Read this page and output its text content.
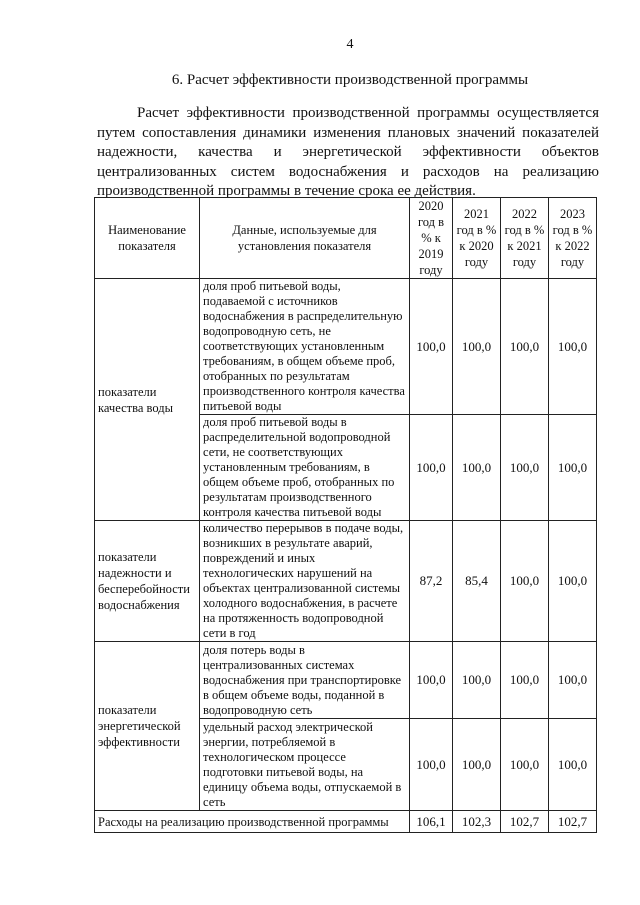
4
6. Расчет эффективности производственной программы

Расчет эффективности производственной программы осуществляется путем сопоставления динамики изменения плановых значений показателей надежности, качества и энергетической эффективности объектов централизованных систем водоснабжения и расходов на реализацию производственной программы в течение срока ее действия.

Наименование показателя	Данные, используемые для установления показателя	2020 год в % к 2019 году	2021 год в % к 2020 году	2022 год в % к 2021 году	2023 год в % к 2022 году
показатели качества воды	доля проб питьевой воды, подаваемой с источников водоснабжения в распределительную водопроводную сеть, не соответствующих установленным требованиям, в общем объеме проб, отобранных по результатам производственного контроля качества питьевой воды	100,0	100,0	100,0	100,0
	доля проб питьевой воды в распределительной водопроводной сети, не соответствующих установленным требованиям, в общем объеме проб, отобранных по результатам производственного контроля качества питьевой воды	100,0	100,0	100,0	100,0
показатели надежности и бесперебойности водоснабжения	количество перерывов в подаче воды, возникших в результате аварий, повреждений и иных технологических нарушений на объектах централизованной системы холодного водоснабжения, в расчете на протяженность водопроводной сети в год	87,2	85,4	100,0	100,0
показатели энергетической эффективности	доля потерь воды в централизованных системах водоснабжения при транспортировке в общем объеме воды, поданной в водопроводную сеть	100,0	100,0	100,0	100,0
	удельный расход электрической энергии, потребляемой в технологическом процессе подготовки питьевой воды, на единицу объема воды, отпускаемой в сеть	100,0	100,0	100,0	100,0
Расходы на реализацию производственной программы		106,1	102,3	102,7	102,7
